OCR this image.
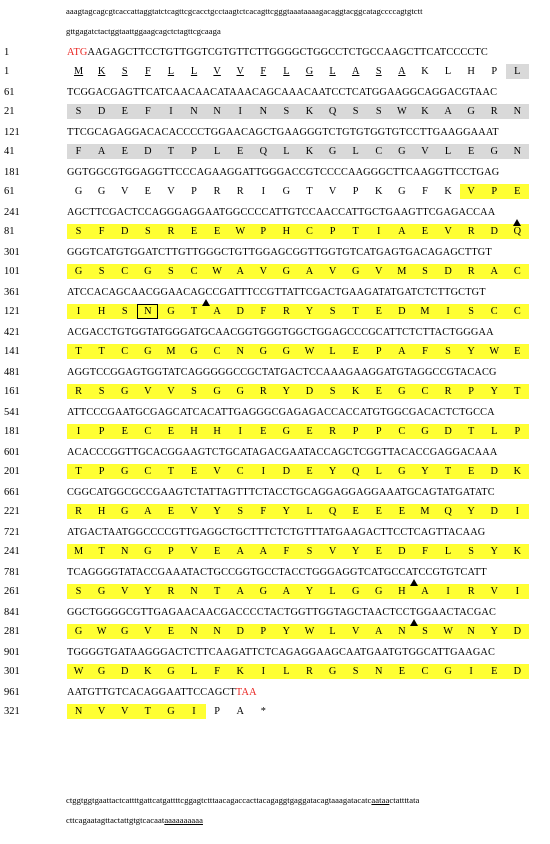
aaagtagcagcgtcaccattaggtatctcagttcgcacctgcctaagtctcacagttcgggtaaataaaagacaggtacggcatagccccagtgtctt
gttgagatctactggtaattggaagcagctctagttcgcaaga
1	ATGAAGAGCTTCCTGTTGGTCGTGTTCTTGGGGCTGGCCTCTGCCAAGCTTCATCCCCTC
1	M	K	S	F	L	L	V	V	F	L	G	L	A	S	A	K	L	H	P	L
61	TCGGACGAGTTCATCAACAACATAAACAGCAAACAATCCTCATGGAAGGCAGGACGTAAC
21	S	D	E	F	I	N	N	I	N	S	K	Q	S	S	W	K	A	G	R	N
121	TTCGCAGAGGACACACCCCTGGAACAGCTGAAGGGTCTGTGTGGTGTCCTTGAAGGAAAT
41	F	A	E	D	T	P	L	E	Q	L	K	G	L	C	G	V	L	E	G	N
181	GGTGGCGTGGAGGTTCCCAGAAGGATTGGGACCGTCCCCAAGGGCTTCAAGGTTCCTGAG
61	G	G	V	E	V	P	R	R	I	G	T	V	P	K	G	F	K	V	P	E
241	AGCTTCGACTCCAGGGAGGAATGGCCCCATTGTCCAACCATTGCTGAAGTTCGAGACCAA
81	S	F	D	S	R	E	E	W	P	H	C	P	T	I	A	E	V	R	D	Q
301	GGGTCATGTGGATCTTGTTGGGCTGTTGGAGCGGTTGGTGTCATGAGTGACAGAGCTTGT
101	G	S	C	G	S	C	W	A	V	G	A	V	G	V	M	S	D	R	A	C
361	ATCCACAGCAACGGAACAGCCGATTTCCGTTATTCGACTGAAGATATGATCTCTTGCTGT
121	I	H	S	N	G	T	A	D	F	R	Y	S	T	E	D	M	I	S	C	C
421	ACGACCTGTGGTATGGGATGCAACGGTGGGTGGCTGGAGCCCGCATTCTCTTACTGGGAA
141	T	T	C	G	M	G	C	N	G	G	W	L	E	P	A	F	S	Y	W	E
481	AGGTCCGGAGTGGTATCAGGGGGCCGCTATGACTCCAAAGAAGGATGTAGGCCGTACACG
161	R	S	G	V	V	S	G	G	R	Y	D	S	K	E	G	C	R	P	Y	T
541	ATTCCCGAATGCGAGCATCACATTGAGGGCGAGAGACCACCATGTGGCGACACTCTGCCA
181	I	P	E	C	E	H	H	I	E	G	E	R	P	P	C	G	D	T	L	P
601	ACACCCGGTTGCACGGAAGTCTGCATAGACGAATACCAGCTCGGTTACACCGAGGACAAA
201	T	P	G	C	T	E	V	C	I	D	E	Y	Q	L	G	Y	T	E	D	K
661	CGGCATGGCGCCGAAGTCTATTAGTTTCTACCTGCAGGAGGAGGAAATGCAGTATGATATC
221	R	H	G	A	E	V	Y	S	F	Y	L	Q	E	E	E	M	Q	Y	D	I
721	ATGACTAATGGCCCCGTTGAGGCTGCTTTCTCTGTTTATGAAGACTTCCTCAGTTACAAG
241	M	T	N	G	P	V	E	A	A	F	S	V	Y	E	D	F	L	S	Y	K
781	TCAGGGGTATACCGAAATACTGCCGGTGCCTACCTGGGAGGTCATGCCATCCGTGTCATT
261	S	G	V	Y	R	N	T	A	G	A	Y	L	G	G	H	A	I	R	V	I
841	GGCTGGGGCGTTGAGAACAACGACCCCTACTGGTTGGTAGCTAACTCCTGGAACTACGAC
281	G	W	G	V	E	N	N	D	P	Y	W	L	V	A	N	S	W	N	Y	D
901	TGGGGTGATAAGGGACTCTTCAAGATTCTCAGAGGAAGCAATGAATGTGGCATTGAAGAC
301	W	G	D	K	G	L	F	K	I	L	R	G	S	N	E	C	G	I	E	D
961	AATGTTGTCACAGGAATTCCAGCTTAA
321	N	V	V	T	G	I	P	A	*
ctggtggtgaattactcattttgattcatgattttcggagtctttaacagaccacttacagaggtgaggatacagtaaagatacatcaataactattttata
cttcagaatagttactattgtgtcacaataaaaaaaaaa
